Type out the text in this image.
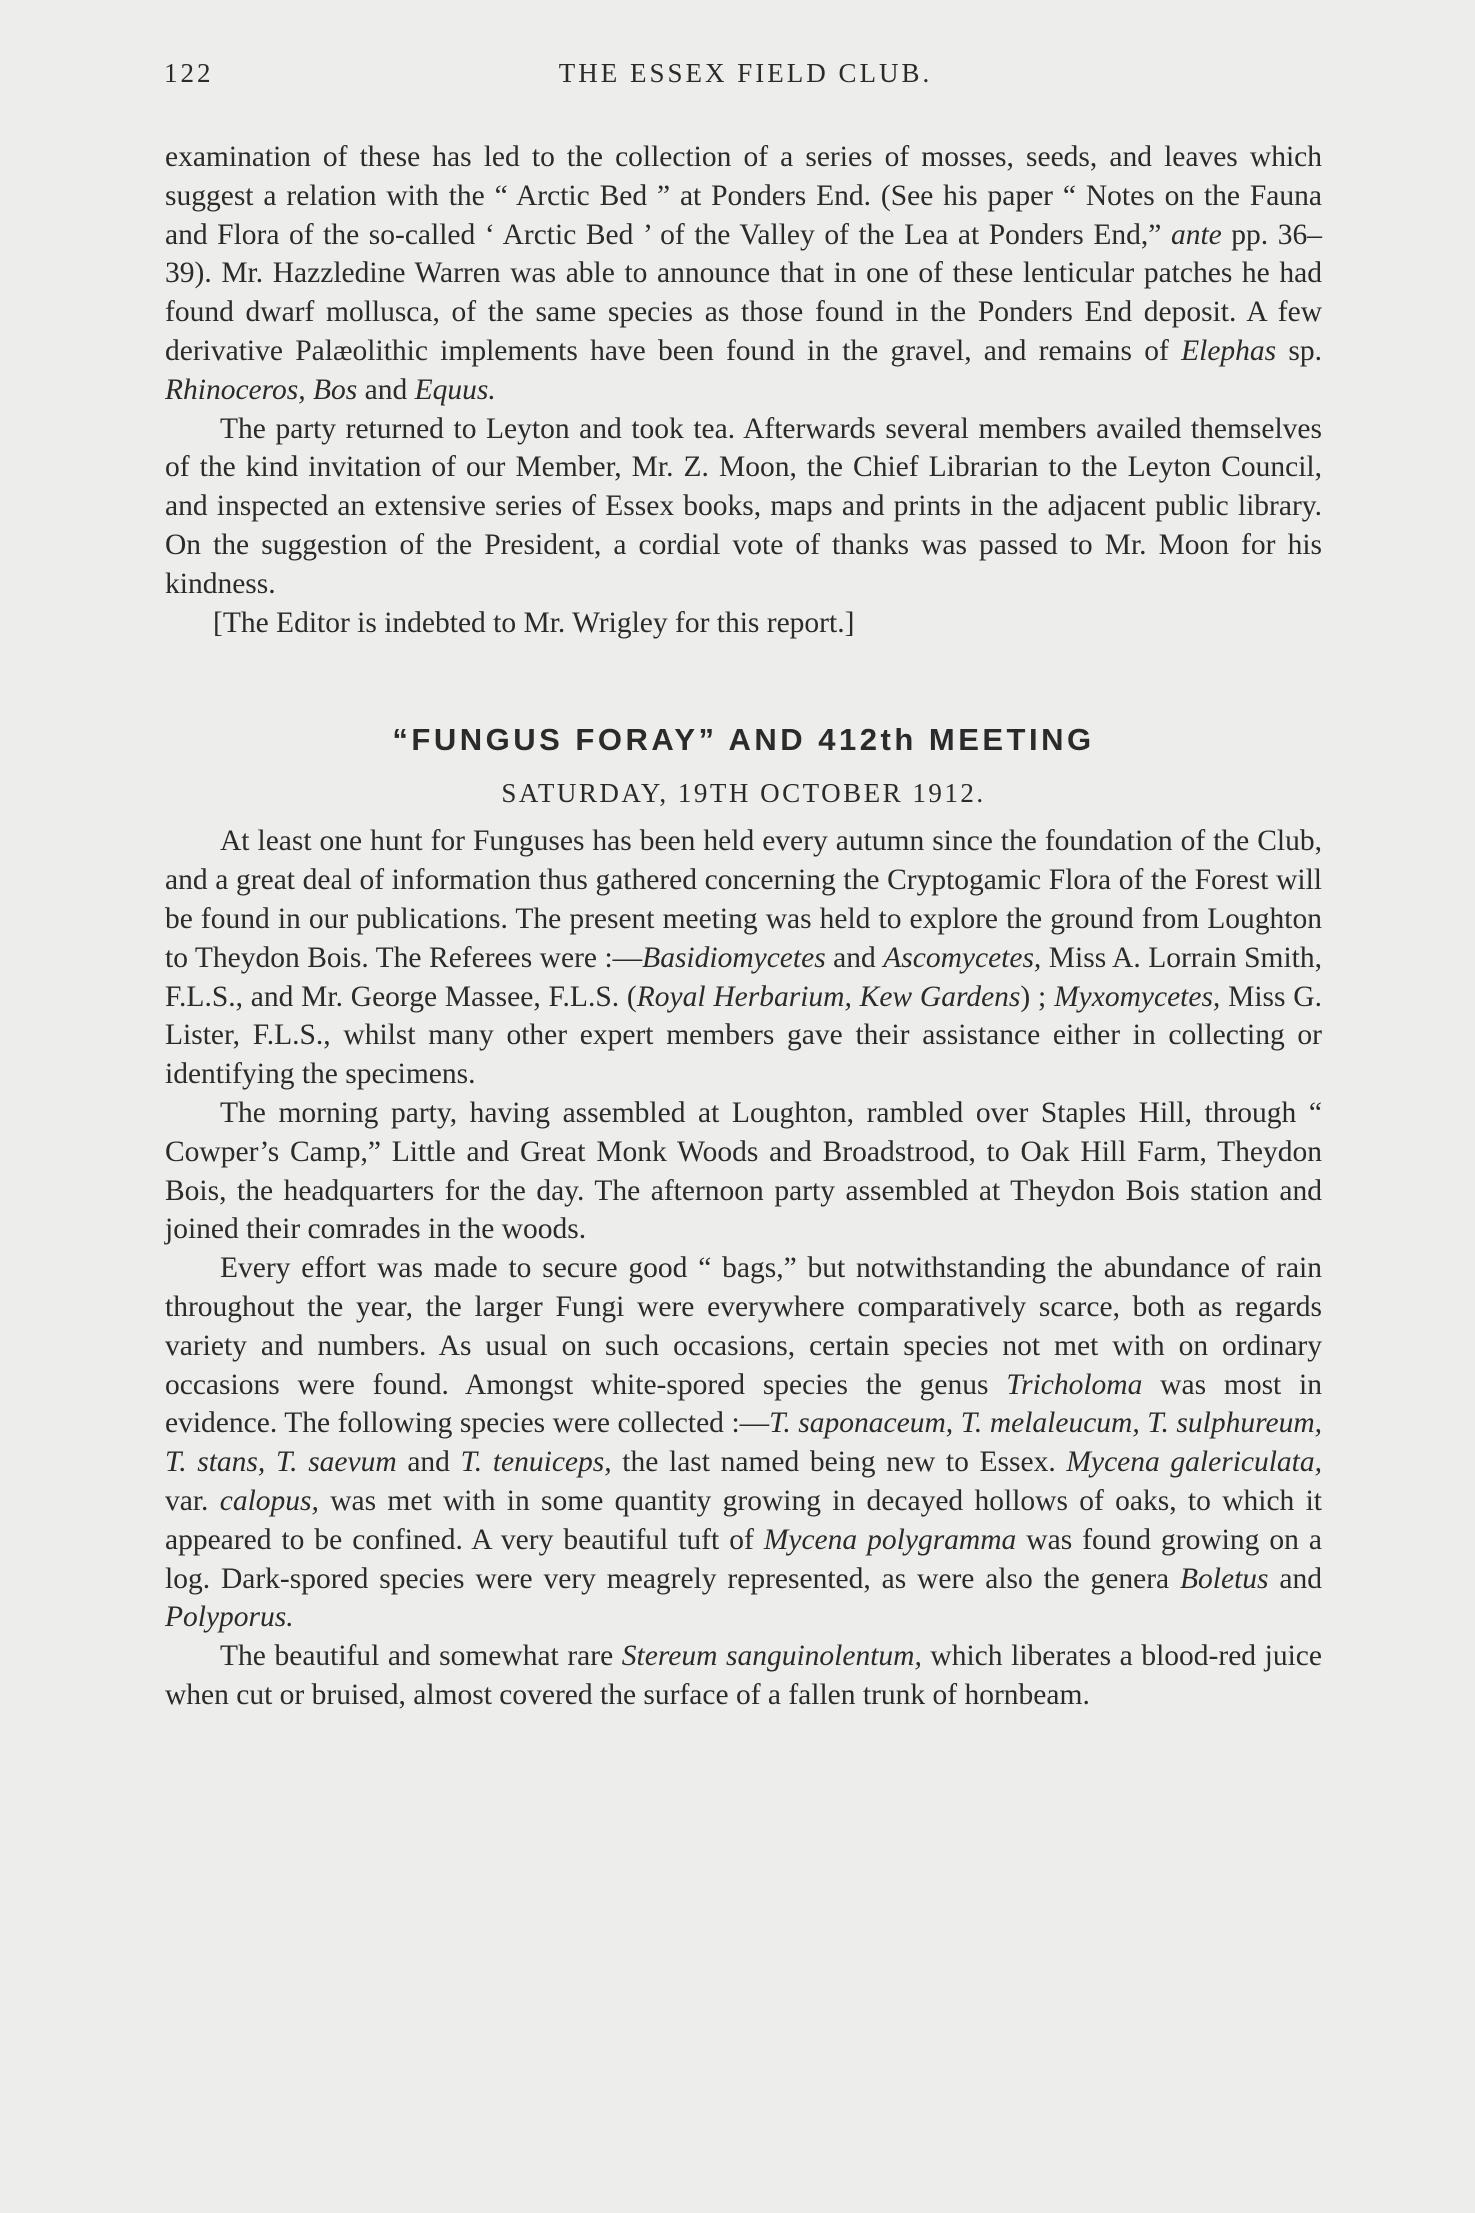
122	THE ESSEX FIELD CLUB.

examination of these has led to the collection of a series of mosses, seeds, and leaves which suggest a relation with the “ Arctic Bed ” at Ponders End. (See his paper “ Notes on the Fauna and Flora of the so-called ‘ Arctic Bed ’ of the Valley of the Lea at Ponders End,” ante pp. 36–39). Mr. Hazzledine Warren was able to announce that in one of these lenticular patches he had found dwarf mollusca, of the same species as those found in the Ponders End deposit. A few derivative Palæolithic implements have been found in the gravel, and remains of Elephas sp. Rhinoceros, Bos and Equus.

The party returned to Leyton and took tea. Afterwards several members availed themselves of the kind invitation of our Member, Mr. Z. Moon, the Chief Librarian to the Leyton Council, and inspected an extensive series of Essex books, maps and prints in the adjacent public library. On the suggestion of the President, a cordial vote of thanks was passed to Mr. Moon for his kindness.

[The Editor is indebted to Mr. Wrigley for this report.]

“FUNGUS FORAY” AND 412th MEETING
SATURDAY, 19TH OCTOBER 1912.

At least one hunt for Funguses has been held every autumn since the foundation of the Club, and a great deal of information thus gathered concerning the Cryptogamic Flora of the Forest will be found in our publications. The present meeting was held to explore the ground from Loughton to Theydon Bois. The Referees were :—Basidiomycetes and Ascomycetes, Miss A. Lorrain Smith, F.L.S., and Mr. George Massee, F.L.S. (Royal Herbarium, Kew Gardens) ; Myxomycetes, Miss G. Lister, F.L.S., whilst many other expert members gave their assistance either in collecting or identifying the specimens.

The morning party, having assembled at Loughton, rambled over Staples Hill, through “ Cowper’s Camp,” Little and Great Monk Woods and Broadstrood, to Oak Hill Farm, Theydon Bois, the headquarters for the day. The afternoon party assembled at Theydon Bois station and joined their comrades in the woods.

Every effort was made to secure good “ bags,” but notwithstanding the abundance of rain throughout the year, the larger Fungi were everywhere comparatively scarce, both as regards variety and numbers. As usual on such occasions, certain species not met with on ordinary occasions were found. Amongst white-spored species the genus Tricholoma was most in evidence. The following species were collected :—T. saponaceum, T. melaleucum, T. sulphureum, T. stans, T. saevum and T. tenuiceps, the last named being new to Essex. Mycena galericulata, var. calopus, was met with in some quantity growing in decayed hollows of oaks, to which it appeared to be confined. A very beautiful tuft of Mycena polygramma was found growing on a log. Dark-spored species were very meagrely represented, as were also the genera Boletus and Polyporus.

The beautiful and somewhat rare Stereum sanguinolentum, which liberates a blood-red juice when cut or bruised, almost covered the surface of a fallen trunk of hornbeam.
